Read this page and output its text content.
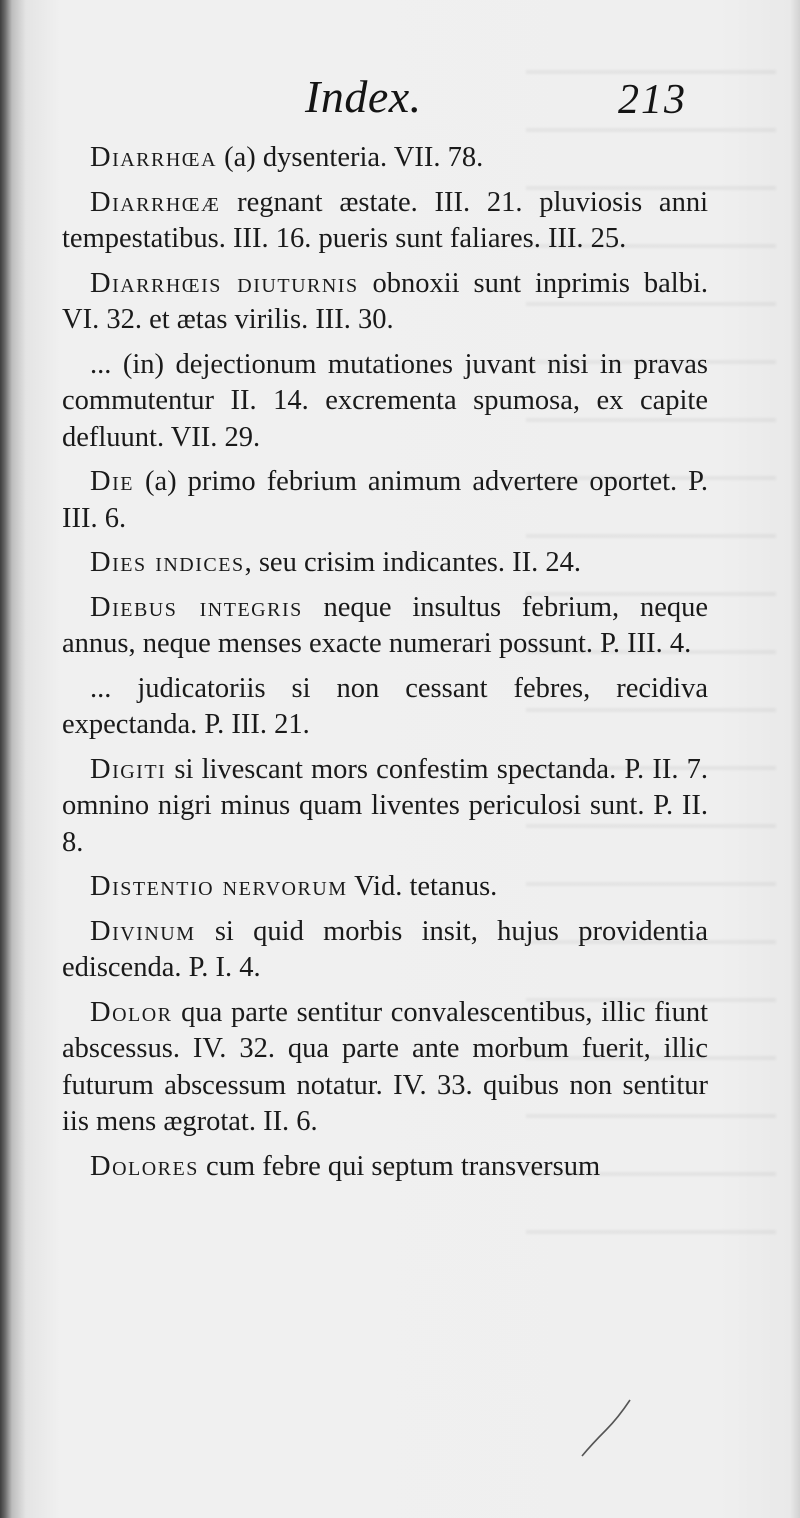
Index.	213

Diarrhœa (a) dysenteria. VII. 78.

Diarrhœæ regnant æstate. III. 21. pluviosis anni tempestatibus. III. 16. pueris sunt faliares. III. 25.

Diarrhœis diuturnis obnoxii sunt inprimis balbi. VI. 32. et ætas virilis. III. 30.

... (in) dejectionum mutationes juvant nisi in pravas commutentur II. 14. excrementa spumosa, ex capite defluunt. VII. 29.

Die (a) primo febrium animum advertere oportet. P. III. 6.

Dies indices, seu crisim indicantes. II. 24.

Diebus integris neque insultus febrium, neque annus, neque menses exacte numerari possunt. P. III. 4.

... judicatoriis si non cessant febres, recidiva expectanda. P. III. 21.

Digiti si livescant mors confestim spectanda. P. II. 7. omnino nigri minus quam liventes periculosi sunt. P. II. 8.

Distentio nervorum Vid. tetanus.

Divinum si quid morbis insit, hujus providentia ediscenda. P. I. 4.

Dolor qua parte sentitur convalescentibus, illic fiunt abscessus. IV. 32. qua parte ante morbum fuerit, illic futurum abscessum notatur. IV. 33. quibus non sentitur iis mens ægrotat. II. 6.

Dolores cum febre qui septum transversum
